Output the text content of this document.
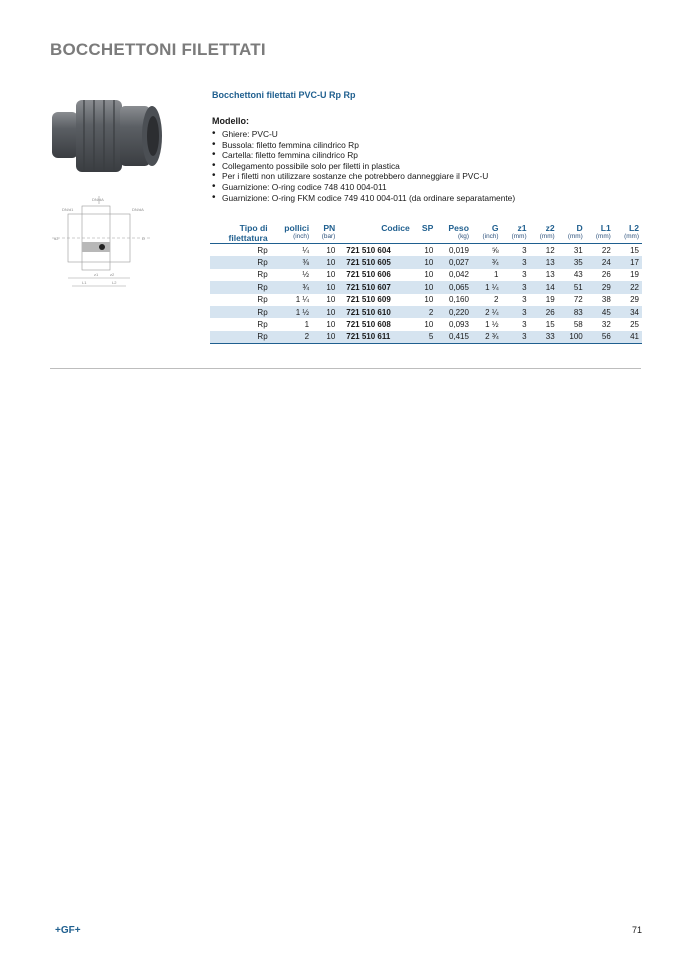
BOCCHETTONI FILETTATI
DN/dA
DN/d1	DN/dA
d2	D
z2
L1	L2
z1
Bocchettoni filettati PVC-U Rp Rp
Modello:
• Ghiere: PVC-U
• Bussola: filetto femmina cilindrico Rp
• Cartella: filetto femmina cilindrico Rp
• Collegamento possibile solo per filetti in plastica
• Per i filetti non utilizzare sostanze che potrebbero danneggiare il PVC-U
• Guarnizione: O-ring codice 748 410 004-011
• Guarnizione: O-ring FKM codice 749 410 004-011 (da ordinare separatamente)
Tipo di	pollici	PN	Codice	SP	Peso	G	z1	z2	D	L1	L2
filettatura	(inch)	(bar)			(kg)	(inch)	(mm)	(mm)	(mm)	(mm)	(mm)
Rp	¼	10	721 510 604	10	0,019	⅝	3	12	31	22	15
Rp	⅜	10	721 510 605	10	0,027	¾	3	13	35	24	17
Rp	½	10	721 510 606	10	0,042	1	3	13	43	26	19
Rp	¾	10	721 510 607	10	0,065	1 ¼	3	14	51	29	22
Rp	1 ¼	10	721 510 609	10	0,160	2	3	19	72	38	29
Rp	1 ½	10	721 510 610	2	0,220	2 ¼	3	26	83	45	34
Rp	1	10	721 510 608	10	0,093	1 ½	3	15	58	32	25
Rp	2	10	721 510 611	5	0,415	2 ¾	3	33	100	56	41
+GF+	71
